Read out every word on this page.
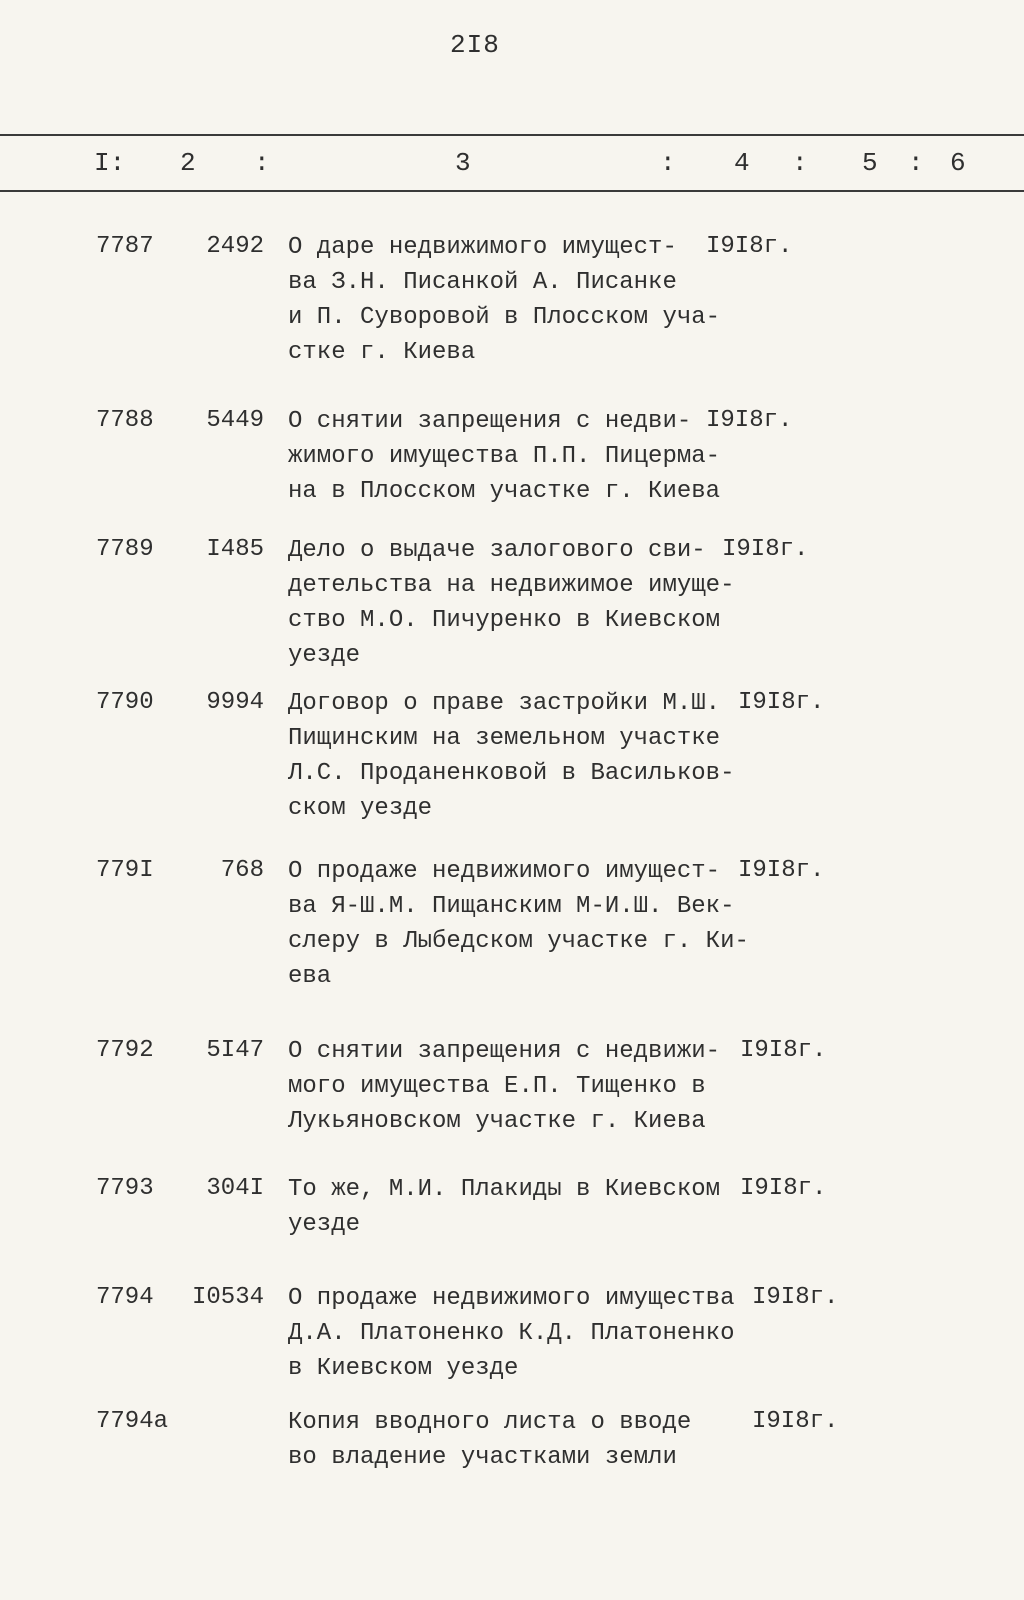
2I8
I: 2 :	3	: 4 : 5 : 6
7787	2492 О даре недвижимого имущест-
ва З.Н. Писанкой А. Писанке
и П. Суворовой в Плосском уча-
стке г. Киева
I9I8г.
7788	5449 О снятии запрещения с недви-
жимого имущества П.П. Пицерма-
на в Плосском участке г. Киева
I9I8г.
7789	I485 Дело о выдаче залогового сви-
детельства на недвижимое имуще-
ство М.О. Пичуренко в Киевском
уезде
I9I8г.
7790	9994 Договор о праве застройки М.Ш.
Пищинским на земельном участке
Л.С. Проданенковой в Васильков-
ском уезде
I9I8г.
779I	768 О продаже недвижимого имущест-
ва Я-Ш.М. Пищанским М-И.Ш. Век-
слеру в Лыбедском участке г. Ки-
ева
I9I8г.
7792	5I47 О снятии запрещения с недвижи-
мого имущества Е.П. Тищенко в
Лукьяновском участке г. Киева
I9I8г.
7793	304I То же, М.И. Плакиды в Киевском
уезде
I9I8г.
7794	I0534 О продаже недвижимого имущества
Д.А. Платоненко К.Д. Платоненко
в Киевском уезде
I9I8г.
7794а	Копия вводного листа о вводе
во владение участками земли
I9I8г.
